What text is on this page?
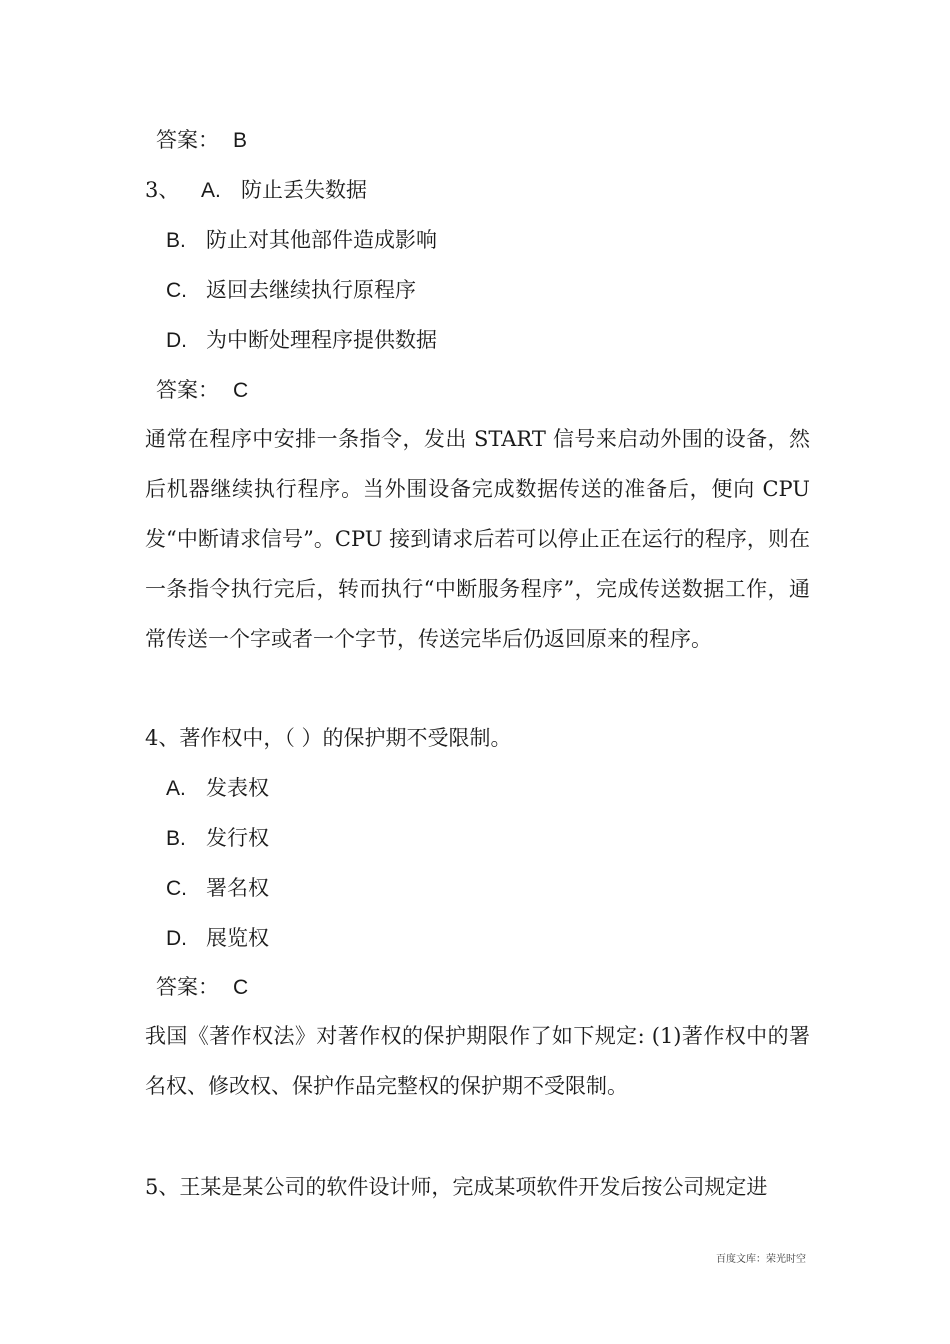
答案： B
3、 A. 防止丢失数据
B. 防止对其他部件造成影响
C. 返回去继续执行原程序
D. 为中断处理程序提供数据
答案： C
通常在程序中安排一条指令，发出 START 信号来启动外围的设备，然后机器继续执行程序。当外围设备完成数据传送的准备后，便向 CPU 发“中断请求信号”。CPU 接到请求后若可以停止正在运行的程序，则在一条指令执行完后，转而执行“中断服务程序”，完成传送数据工作，通常传送一个字或者一个字节，传送完毕后仍返回原来的程序。
4、著作权中，（ ）的保护期不受限制。
A. 发表权
B. 发行权
C. 署名权
D. 展览权
答案： C
我国《著作权法》对著作权的保护期限作了如下规定: (1)著作权中的署名权、修改权、保护作品完整权的保护期不受限制。
5、王某是某公司的软件设计师，完成某项软件开发后按公司规定进
百度文库：荣光时空
